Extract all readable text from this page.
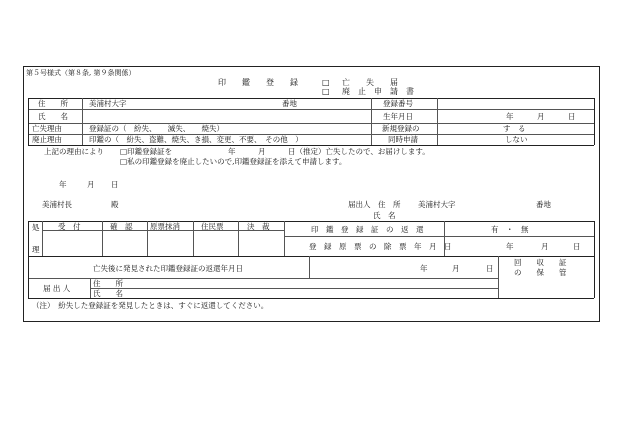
第５号様式（第８条, 第９条関係）
印　　鑑　　登　　録	□ 亡　　失　　届
□ 廃　止　申　請　書
住　　所	美浦村大字	番地	登録番号
氏　　名	生年月日	年	月	日
亡失理由	登録証の（　紛失、　　滅失、　　焼失）	新規登録の	す　る
廃止理由	印鑑の（　紛失、盗難、焼失、き損、変更、不要、　その他　）	同時申請	しない
上記の理由により □印鑑登録証を	年	月	日（推定）亡失したので、お届けします。
□私の印鑑登録を廃止したいので,印鑑登録証を添えて申請します。
年	月 日
美浦村長	殿	届出人 住　所 美浦村大字	番地
氏　名
処
理
受　付	確　認 原票抹消	住民票	決　裁	印　鑑　登　録　証　の　返　還	有　・　無
登　録　原　票　の　除　票　年　月　日	年	月	日
亡失後に発見された印鑑登録証の返還年月日	年	月	日
回　　収　　証
の　　保　　管
届 出 人
住　　所
氏　　名
（注）　紛失した登録証を発見したときは、すぐに返還してください。
